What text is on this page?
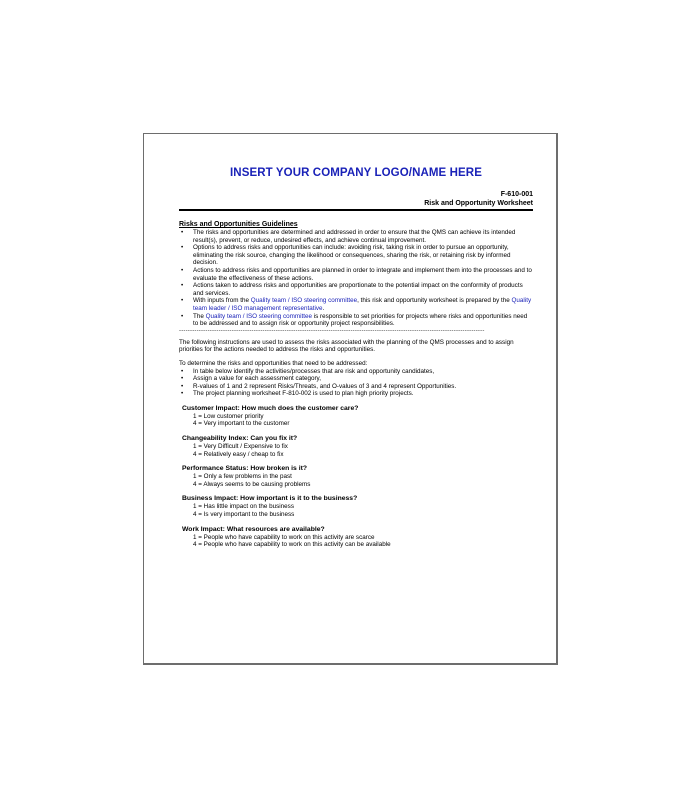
INSERT YOUR COMPANY LOGO/NAME HERE
F-610-001
Risk and Opportunity Worksheet
Risks and Opportunities Guidelines
• The risks and opportunities are determined and addressed in order to ensure that the QMS can achieve its intended result(s), prevent, or reduce, undesired effects, and achieve continual improvement.
• Options to address risks and opportunities can include: avoiding risk, taking risk in order to pursue an opportunity, eliminating the risk source, changing the likelihood or consequences, sharing the risk, or retaining risk by informed decision.
• Actions to address risks and opportunities are planned in order to integrate and implement them into the processes and to evaluate the effectiveness of these actions.
• Actions taken to address risks and opportunities are proportionate to the potential impact on the conformity of products and services.
• With inputs from the Quality team / ISO steering committee, this risk and opportunity worksheet is prepared by the Quality team leader / ISO management representative.
• The Quality team / ISO steering committee is responsible to set priorities for projects where risks and opportunities need to be addressed and to assign risk or opportunity project responsibilities.
-------------------------------------------------------------------------------------------------------------------------------------------

The following instructions are used to assess the risks associated with the planning of the QMS processes and to assign priorities for the actions needed to address the risks and opportunities.

To determine the risks and opportunities that need to be addressed:

• In table below identify the activities/processes that are risk and opportunity candidates,
• Assign a value for each assessment category,
• R-values of 1 and 2 represent Risks/Threats, and O-values of 3 and 4 represent Opportunities.
• The project planning worksheet F-810-002 is used to plan high priority projects.
Customer Impact: How much does the customer care?
1 = Low customer priority
4 = Very important to the customer
Changeability Index: Can you fix it?
1 = Very Difficult / Expensive to fix
4 = Relatively easy / cheap to fix
Performance Status: How broken is it?
1 = Only a few problems in the past
4 = Always seems to be causing problems
Business Impact: How important is it to the business?
1 = Has little impact on the business
4 = Is very important to the business
Work Impact: What resources are available?
1 = People who have capability to work on this activity are scarce
4 = People who have capability to work on this activity can be available
